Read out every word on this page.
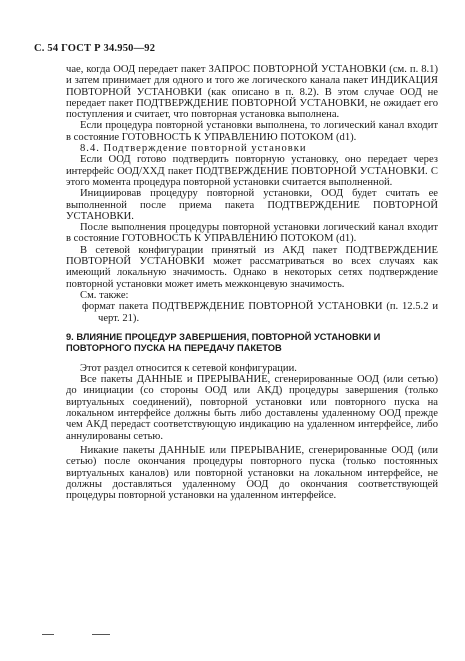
С. 54 ГОСТ Р 34.950—92

чае, когда ООД передает пакет ЗАПРОС ПОВТОРНОЙ УСТАНОВКИ (см. п. 8.1) и затем принимает для одного и того же логического канала пакет ИНДИКАЦИЯ ПОВТОРНОЙ УСТАНОВКИ (как описано в п. 8.2). В этом случае ООД не передает пакет ПОДТВЕРЖДЕНИЕ ПОВТОРНОЙ УСТАНОВКИ, не ожидает его поступления и считает, что повторная установка выполнена.

Если процедура повторной установки выполнена, то логический канал входит в состояние ГОТОВНОСТЬ К УПРАВЛЕНИЮ ПОТОКОМ (d1).

8.4. Подтверждение повторной установки

Если ООД готово подтвердить повторную установку, оно передает через интерфейс ООД/ХХД пакет ПОДТВЕРЖДЕНИЕ ПОВТОРНОЙ УСТАНОВКИ. С этого момента процедура повторной установки считается выполненной.

Инициировав процедуру повторной установки, ООД будет считать ее выполненной после приема пакета ПОДТВЕРЖДЕНИЕ ПОВТОРНОЙ УСТАНОВКИ.

После выполнения процедуры повторной установки логический канал входит в состояние ГОТОВНОСТЬ К УПРАВЛЕНИЮ ПОТОКОМ (d1).

В сетевой конфигурации принятый из АКД пакет ПОДТВЕРЖДЕНИЕ ПОВТОРНОЙ УСТАНОВКИ может рассматриваться во всех случаях как имеющий локальную значимость. Однако в некоторых сетях подтверждение повторной установки может иметь межконцевую значимость.

См. также:

формат пакета ПОДТВЕРЖДЕНИЕ ПОВТОРНОЙ УСТАНОВКИ (п. 12.5.2 и черт. 21).

9. ВЛИЯНИЕ ПРОЦЕДУР ЗАВЕРШЕНИЯ, ПОВТОРНОЙ УСТАНОВКИ И ПОВТОРНОГО ПУСКА НА ПЕРЕДАЧУ ПАКЕТОВ

Этот раздел относится к сетевой конфигурации.

Все пакеты ДАННЫЕ и ПРЕРЫВАНИЕ, сгенерированные ООД (или сетью) до инициации (со стороны ООД или АКД) процедуры завершения (только виртуальных соединений), повторной установки или повторного пуска на локальном интерфейсе должны быть либо доставлены удаленному ООД прежде чем АКД передаст соответствующую индикацию на удаленном интерфейсе, либо аннулированы сетью.

Никакие пакеты ДАННЫЕ или ПРЕРЫВАНИЕ, сгенерированные ООД (или сетью) после окончания процедуры повторного пуска (только постоянных виртуальных каналов) или повторной установки на локальном интерфейсе, не должны доставляться удаленному ООД до окончания соответствующей процедуры повторной установки на удаленном интерфейсе.
